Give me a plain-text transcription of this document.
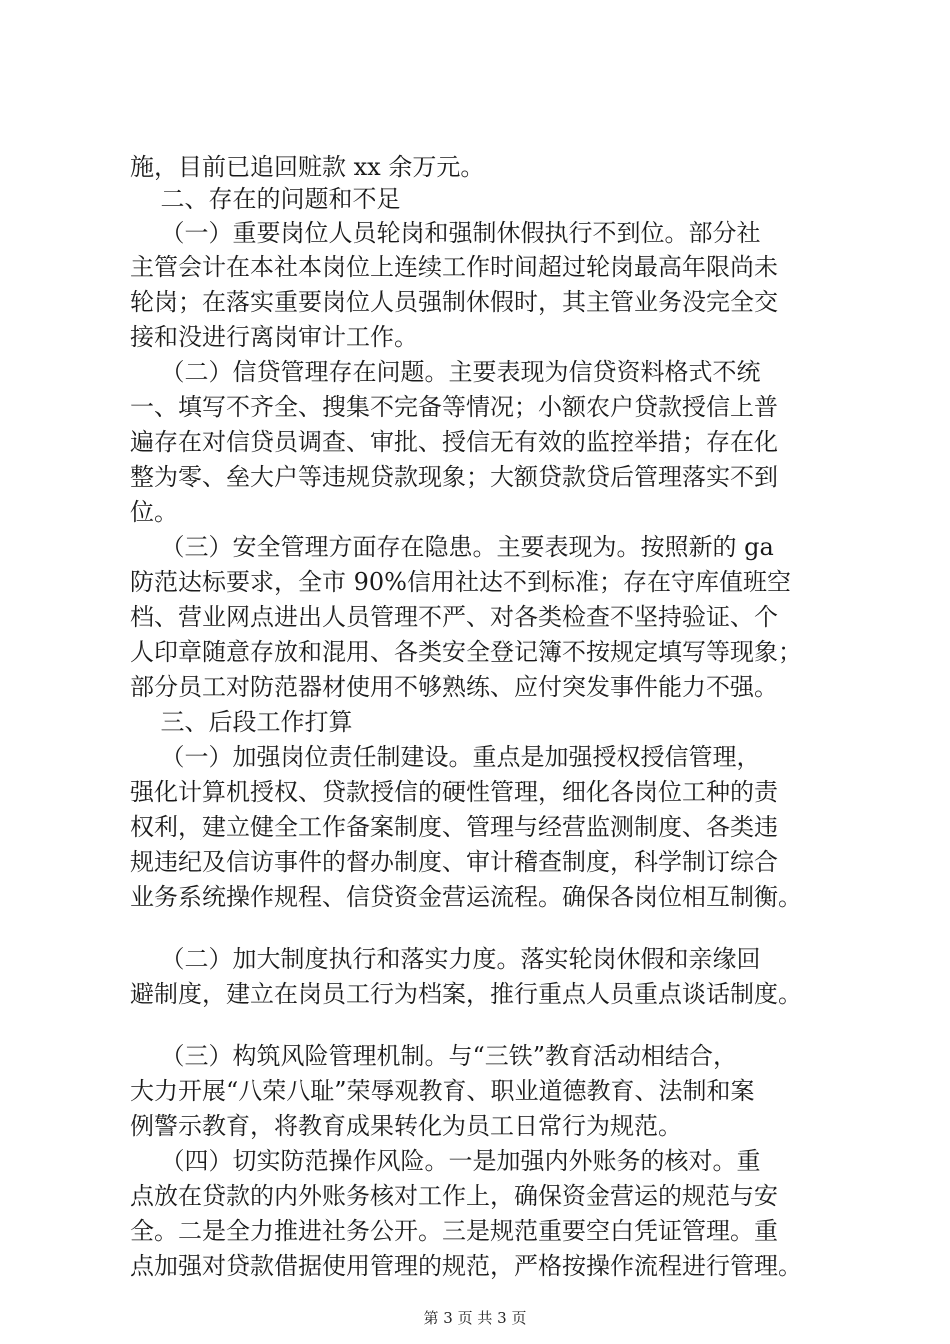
施，目前已追回赃款 xx 余万元。
二、存在的问题和不足
（一）重要岗位人员轮岗和强制休假执行不到位。部分社
主管会计在本社本岗位上连续工作时间超过轮岗最高年限尚未
轮岗；在落实重要岗位人员强制休假时，其主管业务没完全交
接和没进行离岗审计工作。
（二）信贷管理存在问题。主要表现为信贷资料格式不统
一、填写不齐全、搜集不完备等情况；小额农户贷款授信上普
遍存在对信贷员调查、审批、授信无有效的监控举措；存在化
整为零、垒大户等违规贷款现象；大额贷款贷后管理落实不到
位。
（三）安全管理方面存在隐患。主要表现为。按照新的 ga
防范达标要求，全市 90%信用社达不到标准；存在守库值班空
档、营业网点进出人员管理不严、对各类检查不坚持验证、个
人印章随意存放和混用、各类安全登记簿不按规定填写等现象；
部分员工对防范器材使用不够熟练、应付突发事件能力不强。
三、后段工作打算
（一）加强岗位责任制建设。重点是加强授权授信管理，
强化计算机授权、贷款授信的硬性管理，细化各岗位工种的责
权利，建立健全工作备案制度、管理与经营监测制度、各类违
规违纪及信访事件的督办制度、审计稽查制度，科学制订综合
业务系统操作规程、信贷资金营运流程。确保各岗位相互制衡。
（二）加大制度执行和落实力度。落实轮岗休假和亲缘回
避制度，建立在岗员工行为档案，推行重点人员重点谈话制度。
（三）构筑风险管理机制。与“三铁”教育活动相结合，
大力开展“八荣八耻”荣辱观教育、职业道德教育、法制和案
例警示教育，将教育成果转化为员工日常行为规范。
（四）切实防范操作风险。一是加强内外账务的核对。重
点放在贷款的内外账务核对工作上，确保资金营运的规范与安
全。二是全力推进社务公开。三是规范重要空白凭证管理。重
点加强对贷款借据使用管理的规范，严格按操作流程进行管理。
第 3 页 共 3 页
